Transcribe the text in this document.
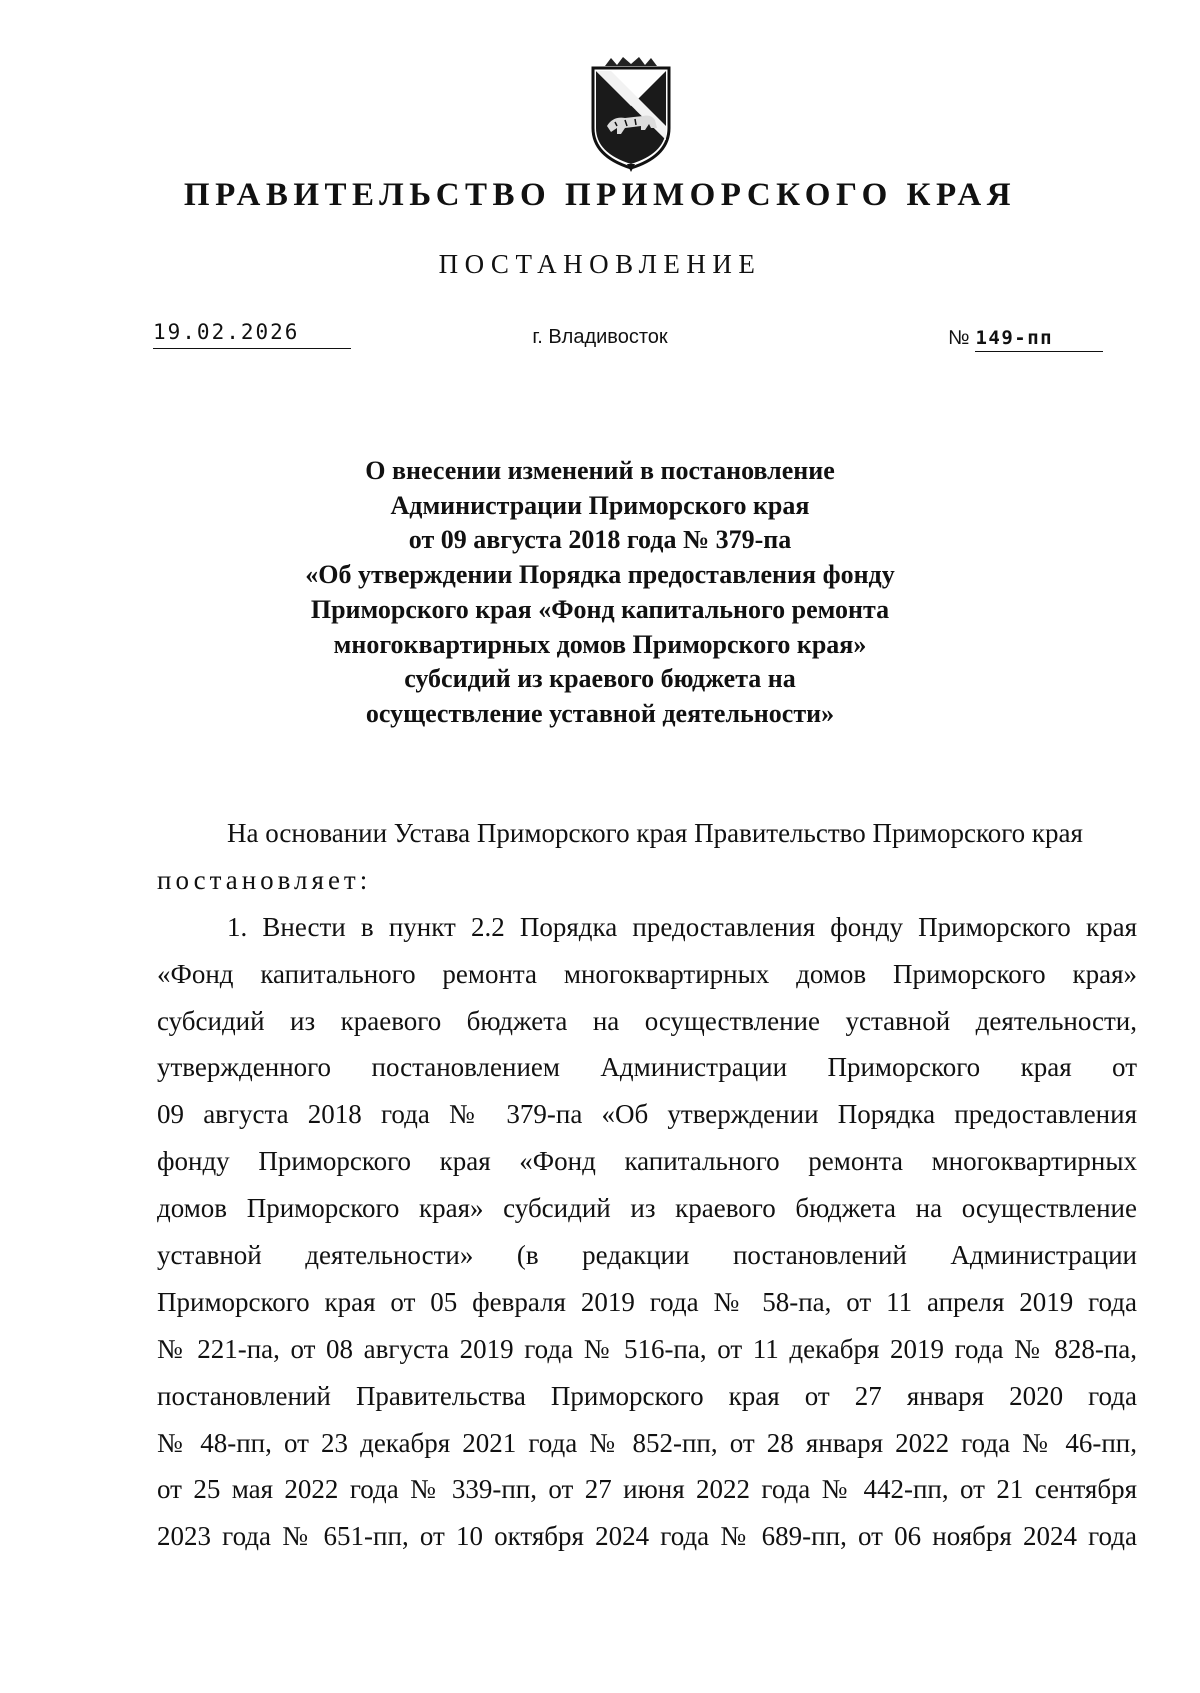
ПРАВИТЕЛЬСТВО ПРИМОРСКОГО КРАЯ
ПОСТАНОВЛЕНИЕ
19.02.2026	г. Владивосток	№ 149-пп
О внесении изменений в постановление
Администрации Приморского края
от 09 августа 2018 года № 379-па
«Об утверждении Порядка предоставления фонду
Приморского края «Фонд капитального ремонта
многоквартирных домов Приморского края»
субсидий из краевого бюджета на
осуществление уставной деятельности»
На основании Устава Приморского края Правительство Приморского края
постановляет:
1. Внести в пункт 2.2 Порядка предоставления фонду Приморского края
«Фонд капитального ремонта многоквартирных домов Приморского края»
субсидий из краевого бюджета на осуществление уставной деятельности,
утвержденного постановлением Администрации Приморского края от
09 августа 2018 года № 379-па «Об утверждении Порядка предоставления
фонду Приморского края «Фонд капитального ремонта многоквартирных
домов Приморского края» субсидий из краевого бюджета на осуществление
уставной деятельности» (в редакции постановлений Администрации
Приморского края от 05 февраля 2019 года № 58-па, от 11 апреля 2019 года
№ 221-па, от 08 августа 2019 года № 516-па, от 11 декабря 2019 года № 828-па,
постановлений Правительства Приморского края от 27 января 2020 года
№ 48-пп, от 23 декабря 2021 года № 852-пп, от 28 января 2022 года № 46-пп,
от 25 мая 2022 года № 339-пп, от 27 июня 2022 года № 442-пп, от 21 сентября
2023 года № 651-пп, от 10 октября 2024 года № 689-пп, от 06 ноября 2024 года
